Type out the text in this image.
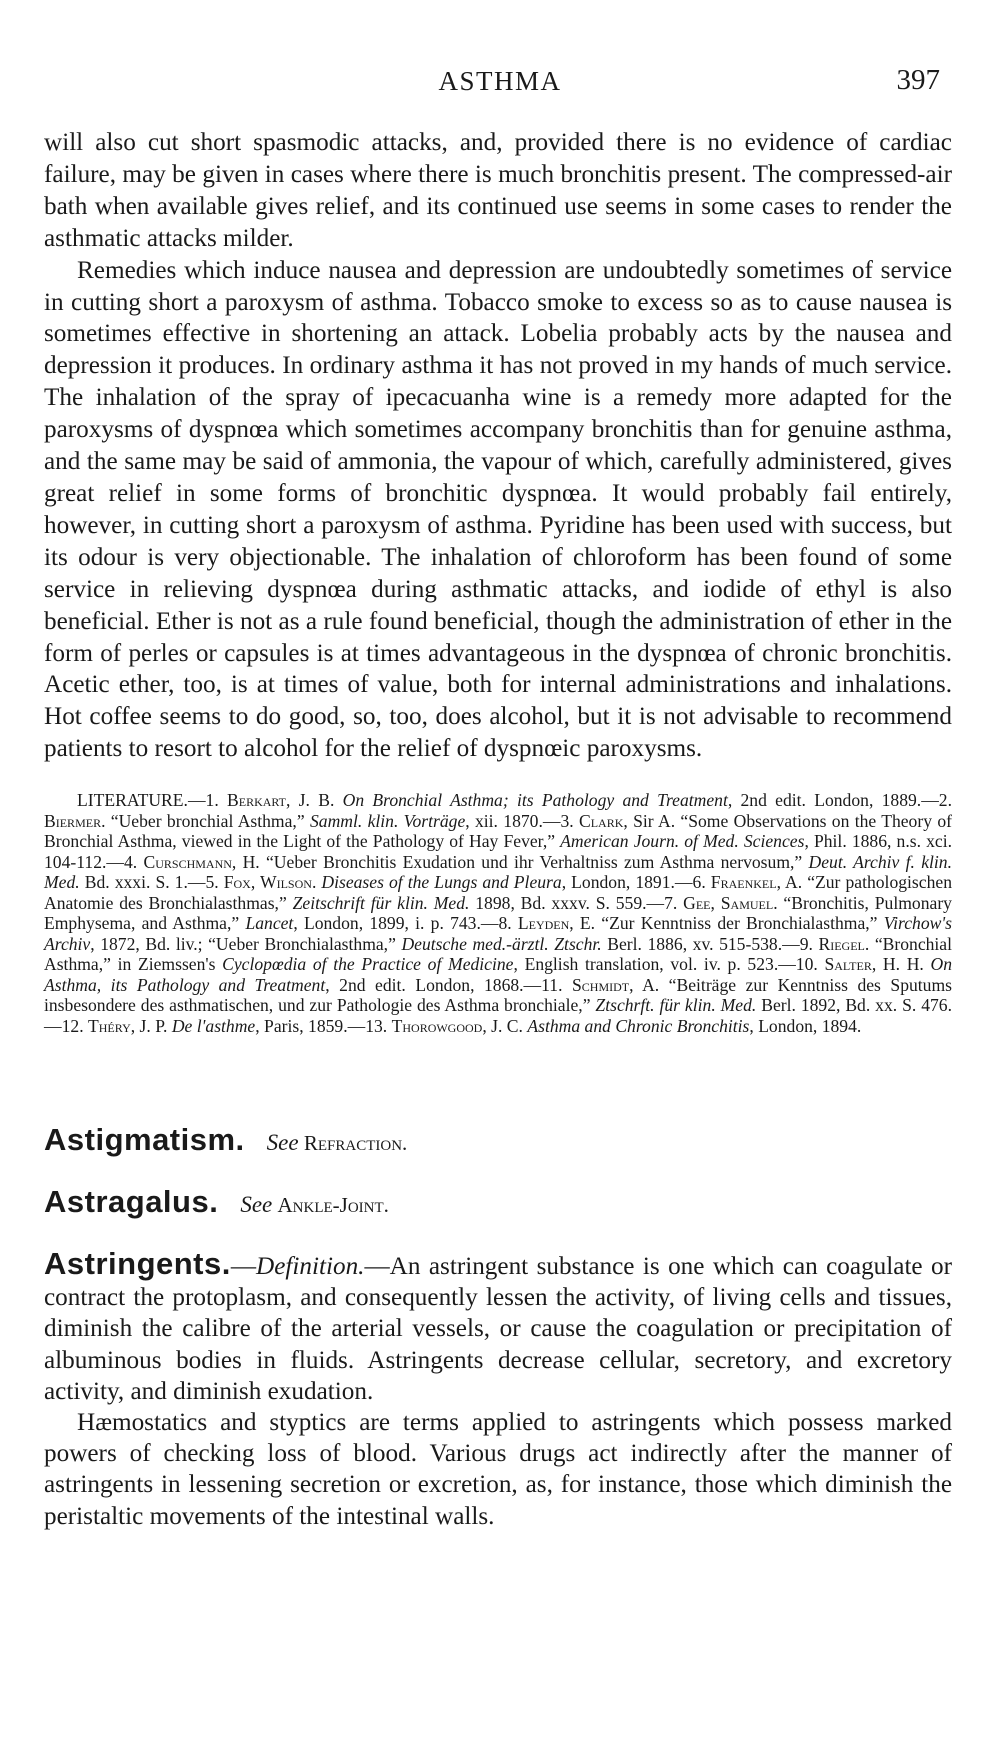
ASTHMA	397

will also cut short spasmodic attacks, and, provided there is no evidence of cardiac failure, may be given in cases where there is much bronchitis present. The compressed-air bath when available gives relief, and its continued use seems in some cases to render the asthmatic attacks milder.

Remedies which induce nausea and depression are undoubtedly sometimes of service in cutting short a paroxysm of asthma. Tobacco smoke to excess so as to cause nausea is sometimes effective in shortening an attack. Lobelia probably acts by the nausea and depression it produces. In ordinary asthma it has not proved in my hands of much service. The inhalation of the spray of ipecacuanha wine is a remedy more adapted for the paroxysms of dyspnœa which sometimes accompany bronchitis than for genuine asthma, and the same may be said of ammonia, the vapour of which, carefully administered, gives great relief in some forms of bronchitic dyspnœa. It would probably fail entirely, however, in cutting short a paroxysm of asthma. Pyridine has been used with success, but its odour is very objectionable. The inhalation of chloroform has been found of some service in relieving dyspnœa during asthmatic attacks, and iodide of ethyl is also beneficial. Ether is not as a rule found beneficial, though the administration of ether in the form of perles or capsules is at times advantageous in the dyspnœa of chronic bronchitis. Acetic ether, too, is at times of value, both for internal administrations and inhalations. Hot coffee seems to do good, so, too, does alcohol, but it is not advisable to recommend patients to resort to alcohol for the relief of dyspnœic paroxysms.

LITERATURE.—1. Berkart, J. B. On Bronchial Asthma; its Pathology and Treatment, 2nd edit. London, 1889.—2. Biermer. “Ueber bronchial Asthma,” Samml. klin. Vorträge, xii. 1870.—3. Clark, Sir A. “Some Observations on the Theory of Bronchial Asthma, viewed in the Light of the Pathology of Hay Fever,” American Journ. of Med. Sciences, Phil. 1886, n.s. xci. 104-112.—4. Curschmann, H. “Ueber Bronchitis Exudation und ihr Verhaltniss zum Asthma nervosum,” Deut. Archiv f. klin. Med. Bd. xxxi. S. 1.—5. Fox, Wilson. Diseases of the Lungs and Pleura, London, 1891.—6. Fraenkel, A. “Zur pathologischen Anatomie des Bronchialasthmas,” Zeitschrift für klin. Med. 1898, Bd. xxxv. S. 559.—7. Gee, Samuel. “Bronchitis, Pulmonary Emphysema, and Asthma,” Lancet, London, 1899, i. p. 743.—8. Leyden, E. “Zur Kenntniss der Bronchialasthma,” Virchow's Archiv, 1872, Bd. liv.; “Ueber Bronchialasthma,” Deutsche med.-ärztl. Ztschr. Berl. 1886, xv. 515-538.—9. Riegel. “Bronchial Asthma,” in Ziemssen's Cyclopœdia of the Practice of Medicine, English translation, vol. iv. p. 523.—10. Salter, H. H. On Asthma, its Pathology and Treatment, 2nd edit. London, 1868.—11. Schmidt, A. “Beiträge zur Kenntniss des Sputums insbesondere des asthmatischen, und zur Pathologie des Asthma bronchiale,” Ztschrft. für klin. Med. Berl. 1892, Bd. xx. S. 476.—12. Théry, J. P. De l'asthme, Paris, 1859.—13. Thorowgood, J. C. Asthma and Chronic Bronchitis, London, 1894.

Astigmatism. See Refraction.
Astragalus. See Ankle-Joint.

Astringents.—Definition.—An astringent substance is one which can coagulate or contract the protoplasm, and consequently lessen the activity, of living cells and tissues, diminish the calibre of the arterial vessels, or cause the coagulation or precipitation of albuminous bodies in fluids. Astringents decrease cellular, secretory, and excretory activity, and diminish exudation.

Hæmostatics and styptics are terms applied to astringents which possess marked powers of checking loss of blood. Various drugs act indirectly after the manner of astringents in lessening secretion or excretion, as, for instance, those which diminish the peristaltic movements of the intestinal walls.
